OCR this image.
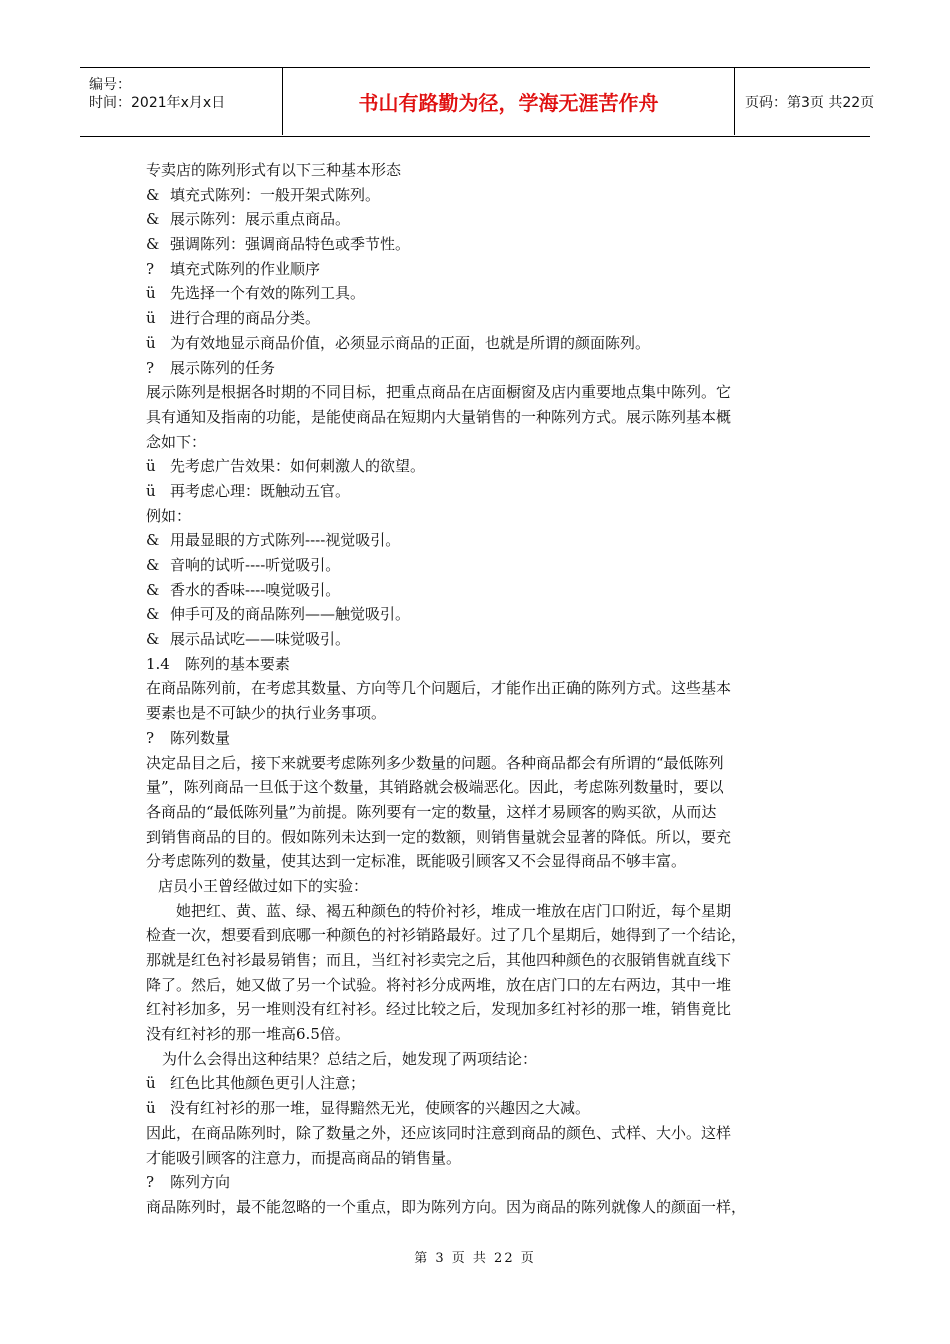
编号：
时间：2021年x月x日	书山有路勤为径，学海无涯苦作舟	页码：第3页 共22页
专卖店的陈列形式有以下三种基本形态
& 填充式陈列：一般开架式陈列。
& 展示陈列：展示重点商品。
& 强调陈列：强调商品特色或季节性。
? 填充式陈列的作业顺序
ü 先选择一个有效的陈列工具。
ü 进行合理的商品分类。
ü 为有效地显示商品价值，必须显示商品的正面，也就是所谓的颜面陈列。
? 展示陈列的任务
展示陈列是根据各时期的不同目标，把重点商品在店面橱窗及店内重要地点集中陈列。它
具有通知及指南的功能，是能使商品在短期内大量销售的一种陈列方式。展示陈列基本概
念如下：
ü 先考虑广告效果：如何刺激人的欲望。
ü 再考虑心理：既触动五官。
例如：
& 用最显眼的方式陈列----视觉吸引。
& 音响的试听----听觉吸引。
& 香水的香味----嗅觉吸引。
& 伸手可及的商品陈列——触觉吸引。
& 展示品试吃——味觉吸引。
1.4　陈列的基本要素
在商品陈列前，在考虑其数量、方向等几个问题后，才能作出正确的陈列方式。这些基本
要素也是不可缺少的执行业务事项。
? 陈列数量
决定品目之后，接下来就要考虑陈列多少数量的问题。各种商品都会有所谓的“最低陈列
量”，陈列商品一旦低于这个数量，其销路就会极端恶化。因此，考虑陈列数量时，要以
各商品的“最低陈列量”为前提。陈列要有一定的数量，这样才易顾客的购买欲，从而达
到销售商品的目的。假如陈列未达到一定的数额，则销售量就会显著的降低。所以，要充
分考虑陈列的数量，使其达到一定标准，既能吸引顾客又不会显得商品不够丰富。
店员小王曾经做过如下的实验：
她把红、黄、蓝、绿、褐五种颜色的特价衬衫，堆成一堆放在店门口附近，每个星期
检查一次，想要看到底哪一种颜色的衬衫销路最好。过了几个星期后，她得到了一个结论，
那就是红色衬衫最易销售；而且，当红衬衫卖完之后，其他四种颜色的衣服销售就直线下
降了。然后，她又做了另一个试验。将衬衫分成两堆，放在店门口的左右两边，其中一堆
红衬衫加多，另一堆则没有红衬衫。经过比较之后，发现加多红衬衫的那一堆，销售竟比
没有红衬衫的那一堆高6.5倍。
为什么会得出这种结果？总结之后，她发现了两项结论：
ü 红色比其他颜色更引人注意；
ü 没有红衬衫的那一堆，显得黯然无光，使顾客的兴趣因之大减。
因此，在商品陈列时，除了数量之外，还应该同时注意到商品的颜色、式样、大小。这样
才能吸引顾客的注意力，而提高商品的销售量。
? 陈列方向
商品陈列时，最不能忽略的一个重点，即为陈列方向。因为商品的陈列就像人的颜面一样，
第 3 页 共 22 页
